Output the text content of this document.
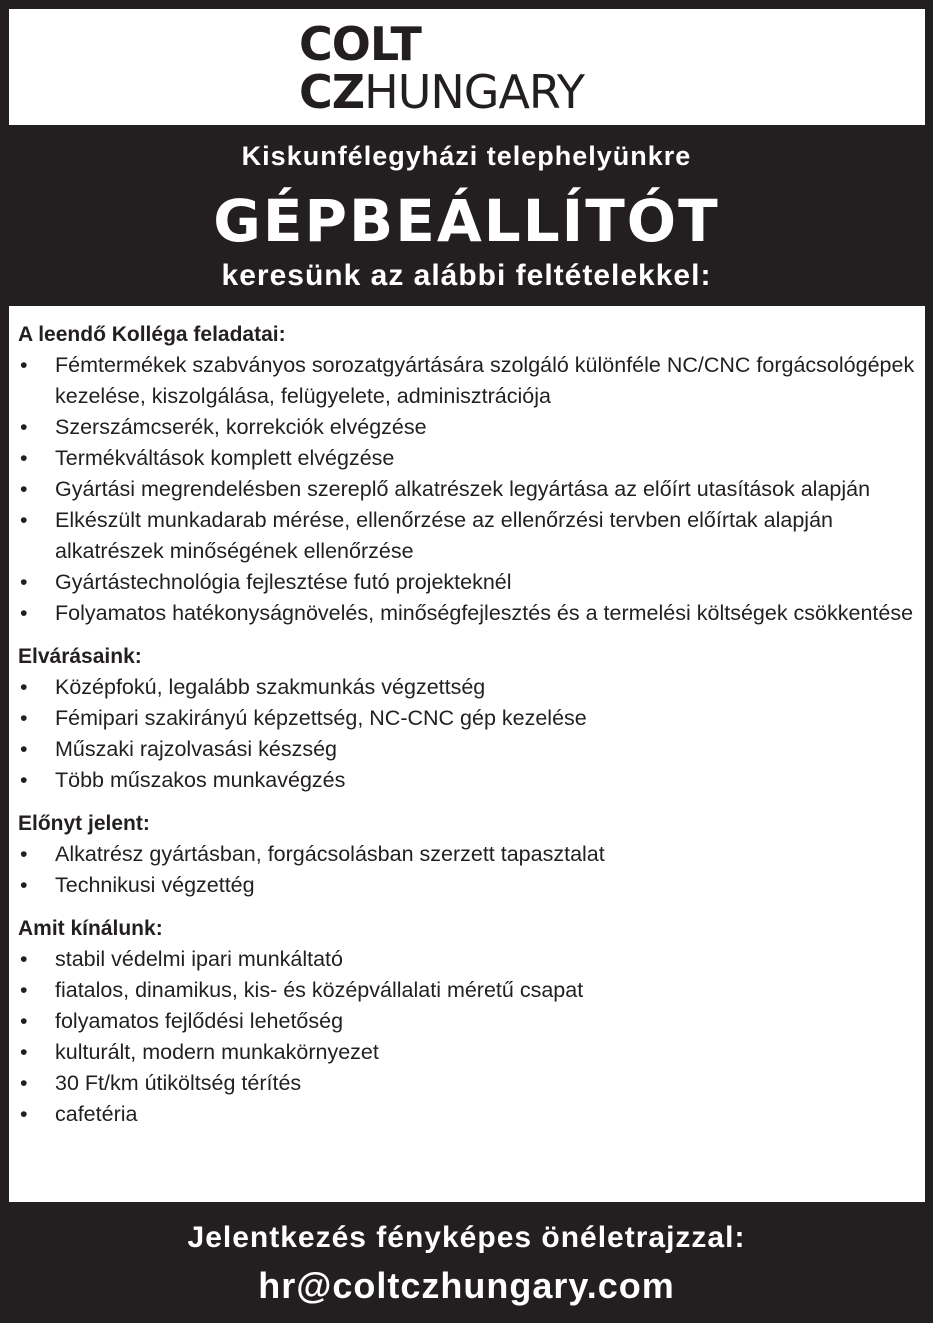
COLT
CZHUNGARY
Kiskunfélegyházi telephelyünkre
GÉPBEÁLLÍTÓT
keresünk az alábbi feltételekkel:
A leendő Kolléga feladatai:
• Fémtermékek szabványos sorozatgyártására szolgáló különféle NC/CNC forgácsológépek kezelése, kiszolgálása, felügyelete, adminisztrációja
• Szerszámcserék, korrekciók elvégzése
• Termékváltások komplett elvégzése
• Gyártási megrendelésben szereplő alkatrészek legyártása az előírt utasítások alapján
• Elkészült munkadarab mérése, ellenőrzése az ellenőrzési tervben előírtak alapján alkatrészek minőségének ellenőrzése
• Gyártástechnológia fejlesztése futó projekteknél
• Folyamatos hatékonyságnövelés, minőségfejlesztés és a termelési költségek csökkentése
Elvárásaink:
• Középfokú, legalább szakmunkás végzettség
• Fémipari szakirányú képzettség, NC-CNC gép kezelése
• Műszaki rajzolvasási készség
• Több műszakos munkavégzés
Előnyt jelent:
• Alkatrész gyártásban, forgácsolásban szerzett tapasztalat
• Technikusi végzettég
Amit kínálunk:
• stabil védelmi ipari munkáltató
• fiatalos, dinamikus, kis- és középvállalati méretű csapat
• folyamatos fejlődési lehetőség
• kulturált, modern munkakörnyezet
• 30 Ft/km útiköltség térítés
• cafetéria
Jelentkezés fényképes önéletrajzzal:
hr@coltczhungary.com
